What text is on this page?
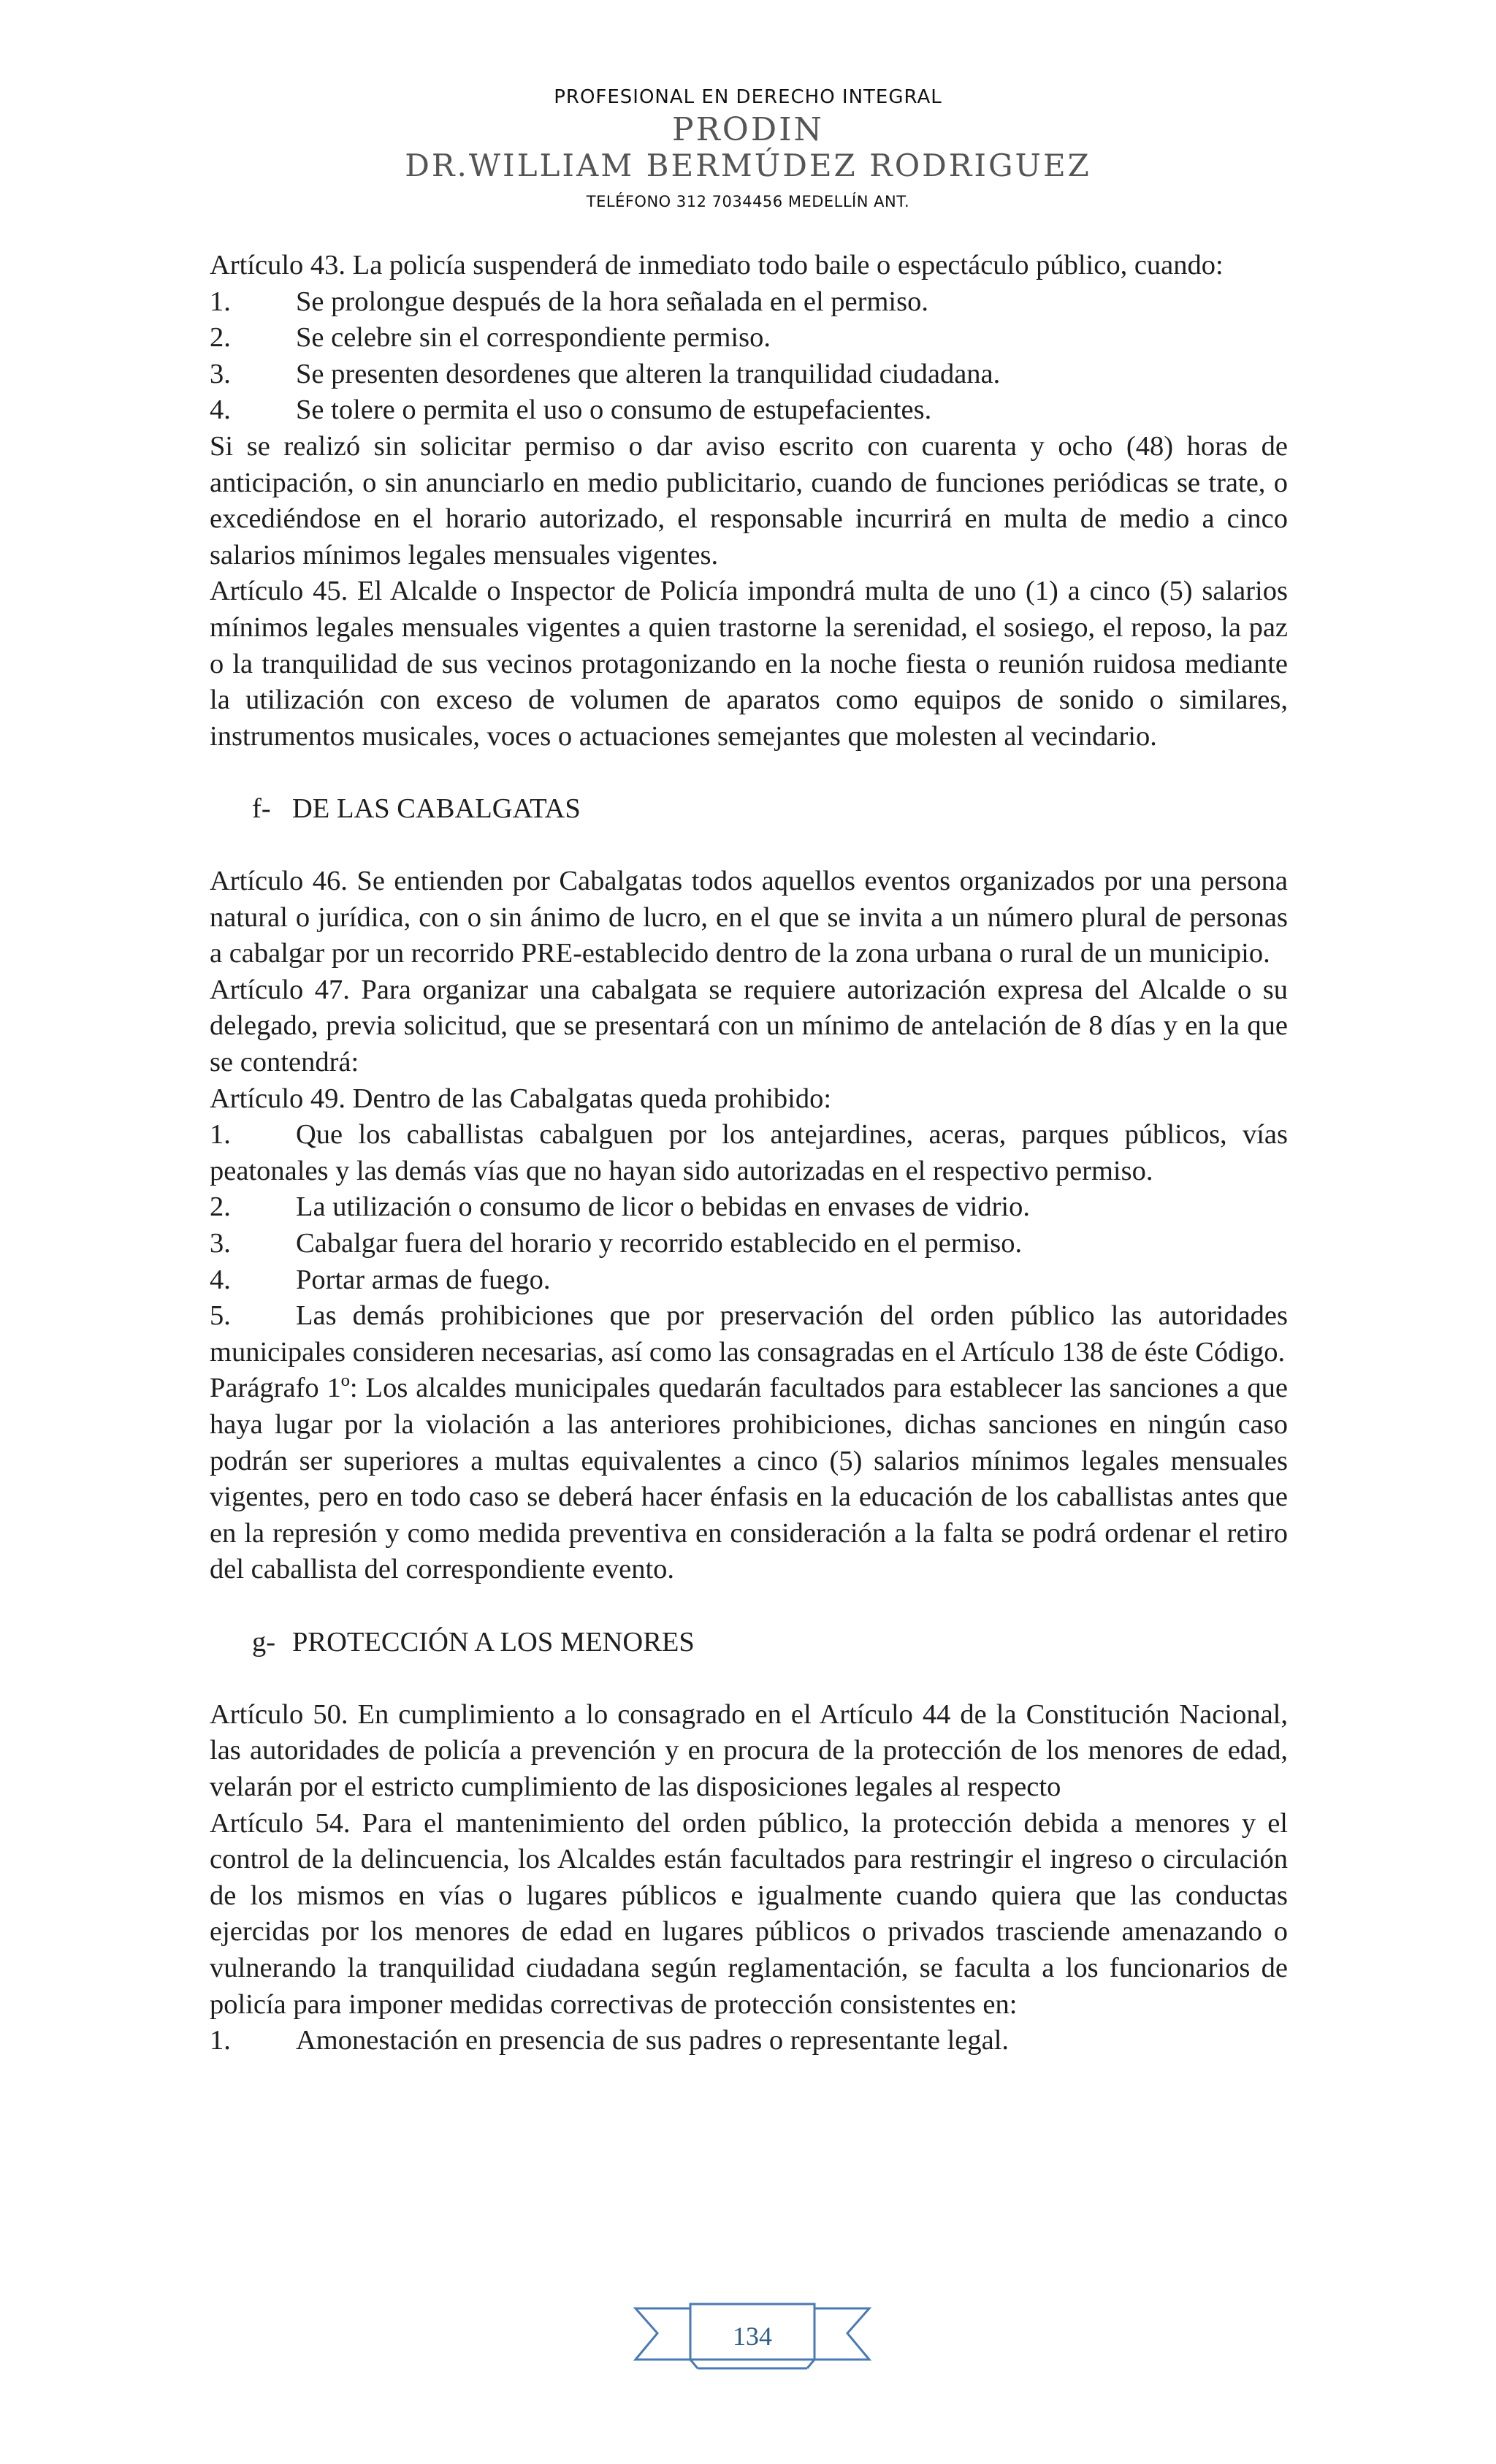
PROFESIONAL EN DERECHO INTEGRAL
PRODIN
DR.WILLIAM BERMÚDEZ RODRIGUEZ
TELÉFONO 312 7034456 MEDELLÍN ANT.

Artículo 43. La policía suspenderá de inmediato todo baile o espectáculo público, cuando:

1.	Se prolongue después de la hora señalada en el permiso.
2.	Se celebre sin el correspondiente permiso.
3.	Se presenten desordenes que alteren la tranquilidad ciudadana.
4.	Se tolere o permita el uso o consumo de estupefacientes.

Si se realizó sin solicitar permiso o dar aviso escrito con cuarenta y ocho (48) horas de anticipación, o sin anunciarlo en medio publicitario, cuando de funciones periódicas se trate, o excediéndose en el horario autorizado, el responsable incurrirá en multa de medio a cinco salarios mínimos legales mensuales vigentes.

Artículo 45. El Alcalde o Inspector de Policía impondrá multa de uno (1) a cinco (5) salarios mínimos legales mensuales vigentes a quien trastorne la serenidad, el sosiego, el reposo, la paz o la tranquilidad de sus vecinos protagonizando en la noche fiesta o reunión ruidosa mediante la utilización con exceso de volumen de aparatos como equipos de sonido o similares, instrumentos musicales, voces o actuaciones semejantes que molesten al vecindario.

f- DE LAS CABALGATAS

Artículo 46. Se entienden por Cabalgatas todos aquellos eventos organizados por una persona natural o jurídica, con o sin ánimo de lucro, en el que se invita a un número plural de personas a cabalgar por un recorrido PRE-establecido dentro de la zona urbana o rural de un municipio.

Artículo 47. Para organizar una cabalgata se requiere autorización expresa del Alcalde o su delegado, previa solicitud, que se presentará con un mínimo de antelación de 8 días y en la que se contendrá:

Artículo 49. Dentro de las Cabalgatas queda prohibido:

1. Que los caballistas cabalguen por los antejardines, aceras, parques públicos, vías peatonales y las demás vías que no hayan sido autorizadas en el respectivo permiso.
2.	La utilización o consumo de licor o bebidas en envases de vidrio.
3.	Cabalgar fuera del horario y recorrido establecido en el permiso.
4.	Portar armas de fuego.
5. Las demás prohibiciones que por preservación del orden público las autoridades municipales consideren necesarias, así como las consagradas en el Artículo 138 de éste Código.

Parágrafo 1º: Los alcaldes municipales quedarán facultados para establecer las sanciones a que haya lugar por la violación a las anteriores prohibiciones, dichas sanciones en ningún caso podrán ser superiores a multas equivalentes a cinco (5) salarios mínimos legales mensuales vigentes, pero en todo caso se deberá hacer énfasis en la educación de los caballistas antes que en la represión y como medida preventiva en consideración a la falta se podrá ordenar el retiro del caballista del correspondiente evento.

g- PROTECCIÓN A LOS MENORES

Artículo 50. En cumplimiento a lo consagrado en el Artículo 44 de la Constitución Nacional, las autoridades de policía a prevención y en procura de la protección de los menores de edad, velarán por el estricto cumplimiento de las disposiciones legales al respecto

Artículo 54. Para el mantenimiento del orden público, la protección debida a menores y el control de la delincuencia, los Alcaldes están facultados para restringir el ingreso o circulación de los mismos en vías o lugares públicos e igualmente cuando quiera que las conductas ejercidas por los menores de edad en lugares públicos o privados trasciende amenazando o vulnerando la tranquilidad ciudadana según reglamentación, se faculta a los funcionarios de policía para imponer medidas correctivas de protección consistentes en:

1.	Amonestación en presencia de sus padres o representante legal.
134
